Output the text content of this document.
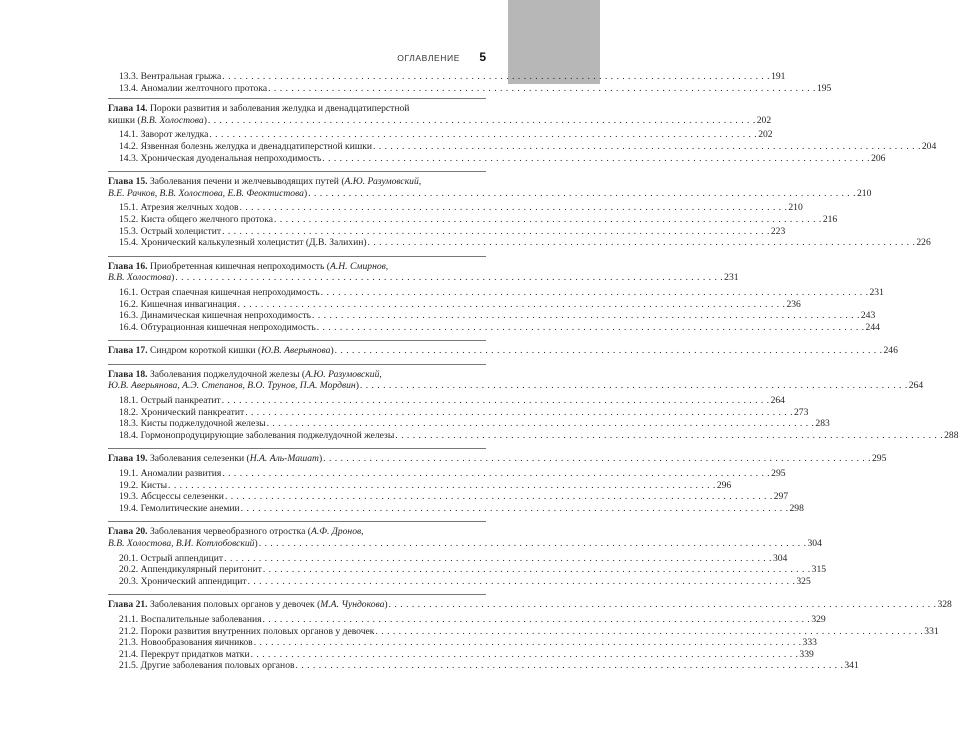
ОГЛАВЛЕНИЕ 5
13.3. Вентральная грыжа . . .	191
13.4. Аномалии желточного протока . . .	195
Глава 14. Пороки развития и заболевания желудка и двенадцатиперстной
кишки (В.В. Холостова) . . .	202
14.1. Заворот желудка . . .	202
14.2. Язвенная болезнь желудка и двенадцатиперстной кишки . . .	204
14.3. Хроническая дуоденальная непроходимость . . .	206
Глава 15. Заболевания печени и желчевыводящих путей (А.Ю. Разумовский,
В.Е. Рачков, В.В. Холостова, Е.В. Феоктистова) . . .	210
15.1. Атрезия желчных ходов . . .	210
15.2. Киста общего желчного протока . . .	216
15.3. Острый холецистит . . .	223
15.4. Хронический калькулезный холецистит (Д.В. Залихин) . . .	226
Глава 16. Приобретенная кишечная непроходимость (А.Н. Смирнов,
В.В. Холостова) . . .	231
16.1. Острая спаечная кишечная непроходимость . . .	231
16.2. Кишечная инвагинация . . .	236
16.3. Динамическая кишечная непроходимость . . .	243
16.4. Обтурационная кишечная непроходимость . . .	244
Глава 17. Синдром короткой кишки (Ю.В. Аверьянова) . . .	246
Глава 18. Заболевания поджелудочной железы (А.Ю. Разумовский,
Ю.В. Аверьянова, А.Э. Степанов, В.О. Трунов, П.А. Мордвин) . . .	264
18.1. Острый панкреатит . . .	264
18.2. Хронический панкреатит . . .	273
18.3. Кисты поджелудочной железы . . .	283
18.4. Гормонопродуцирующие заболевания поджелудочной железы . . .	288
Глава 19. Заболевания селезенки (Н.А. Аль-Машат) . . .	295
19.1. Аномалии развития . . .	295
19.2. Кисты . . .	296
19.3. Абсцессы селезенки . . .	297
19.4. Гемолитические анемии . . .	298
Глава 20. Заболевания червеобразного отростка (А.Ф. Дронов,
В.В. Холостова, В.И. Котлобовский) . . .	304
20.1. Острый аппендицит . . .	304
20.2. Аппендикулярный перитонит . . .	315
20.3. Хронический аппендицит . . .	325
Глава 21. Заболевания половых органов у девочек (М.А. Чундокова) . . .	328
21.1. Воспалительные заболевания . . .	329
21.2. Пороки развития внутренних половых органов у девочек . . .	331
21.3. Новообразования яичников . . .	333
21.4. Перекрут придатков матки . . .	339
21.5. Другие заболевания половых органов . . .	341
